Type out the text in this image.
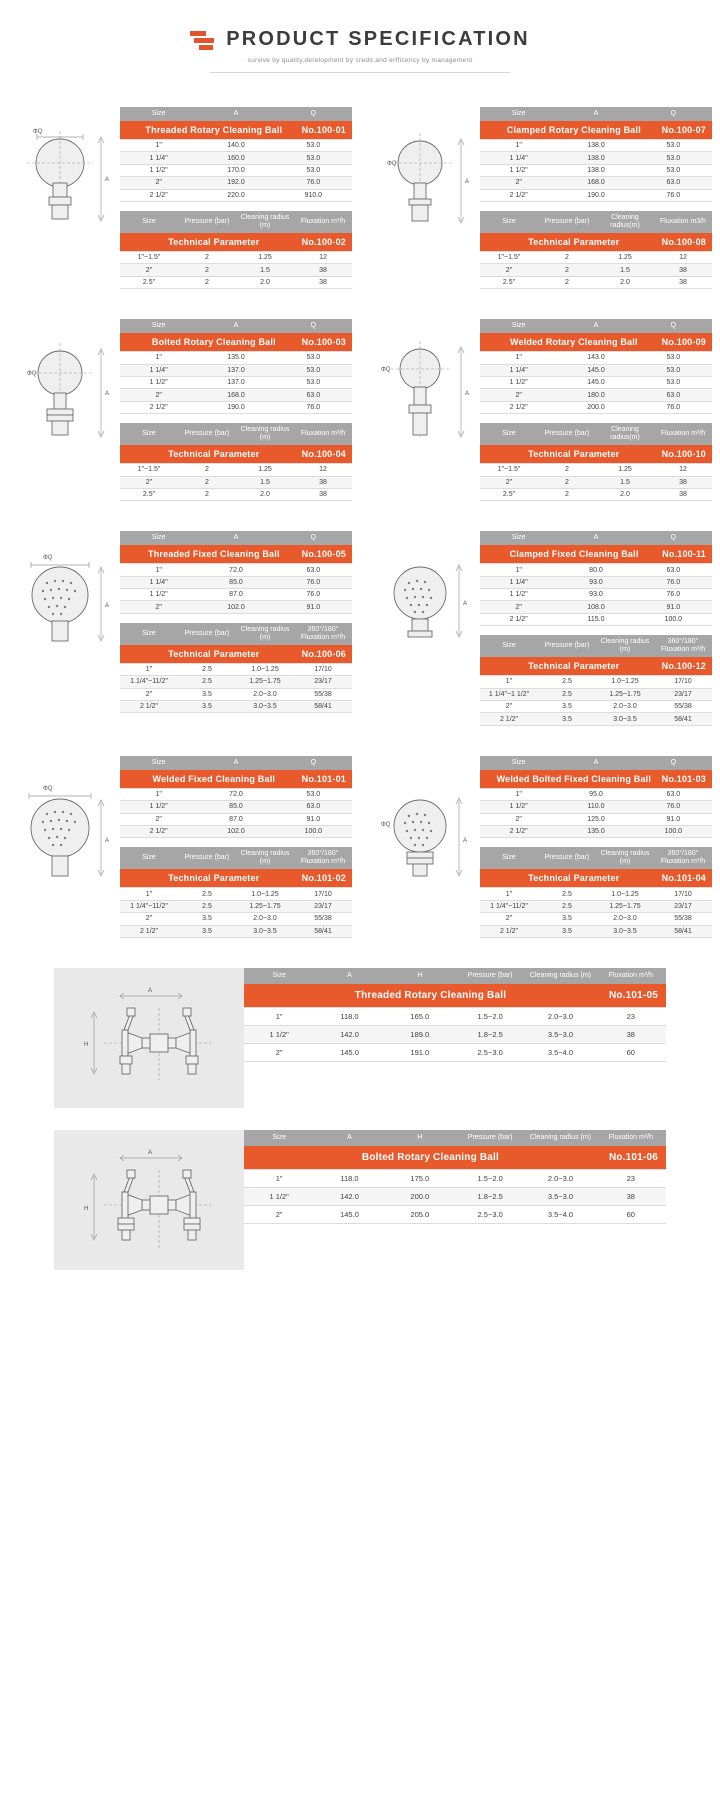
PRODUCT SPECIFICATION
survive by quality,derelopment by credit,and erfficency by management
ΦQ
A
Threaded Rotary Cleaning Ball No.100-01		

Size	A	Q
1"	140.0	53.0
1 1/4"	160.0	53.0
1 1/2"	170.0	53.0
2"	192.0	76.0
2 1/2"	220.0	910.0
Technical Parameter No.100-02			

Size	Pressure (bar)	Cleaning radius (m)	Fluxation m³/h
1"~1.5"	2	1.25	12
2"	2	1.5	38
2.5"	2	2.0	38
ΦQ
A
Clamped Rotary Cleaning Ball No.100-07		

Size	A	Q
1"	138.0	53.0
1 1/4"	138.0	53.0
1 1/2"	138.0	53.0
2"	168.0	63.0
2 1/2"	190.0	76.0
Technical Parameter No.100-08			

Size	Pressure (bar)	Cleaning radius(m)	Fluxation m3/h
1"~1.5"	2	1.25	12
2"	2	1.5	38
2.5"	2	2.0	38
ΦQ
A
Bolted Rotary Cleaning Ball No.100-03		

Size	A	Q
1"	135.0	53.0
1 1/4"	137.0	53.0
1 1/2"	137.0	53.0
2"	168.0	63.0
2 1/2"	190.0	76.0
Technical Parameter No.100-04			

Size	Pressure (bar)	Cleaning radius (m)	Fluxation m³/h
1"~1.5"	2	1.25	12
2"	2	1.5	38
2.5"	2	2.0	38
ΦQ
A
Welded Rotary Cleaning Ball No.100-09		

Size	A	Q
1"	143.0	53.0
1 1/4"	145.0	53.0
1 1/2"	145.0	53.0
2"	180.0	63.0
2 1/2"	200.0	76.0
Technical Parameter No.100-10			

Size	Pressure (bar)	Cleaning radius(m)	Fluxation m³/h
1"~1.5"	2	1.25	12
2"	2	1.5	38
2.5"	2	2.0	38
ΦQ
A
Threaded Fixed Cleaning Ball No.100-05		

Size	A	Q
1"	72.0	63.0
1 1/4"	85.0	76.0
1 1/2"	87.0	76.0
2"	102.0	91.0
Technical Parameter No.100-06			

Size	Pressure (bar)	Cleaning radius (m)	360°/180° Fluxation m³/h
1"	2.5	1.0~1.25	17/10
1.1/4"~11/2"	2.5	1.25~1.75	23/17
2"	3.5	2.0~3.0	55/38
2 1/2"	3.5	3.0~3.5	58/41
A
Clamped Fixed Cleaning Ball No.100-11		

Size	A	Q
1"	80.0	63.0
1 1/4"	93.0	76.0
1 1/2"	93.0	76.0
2"	108.0	91.0
2 1/2"	115.0	100.0
Technical Parameter No.100-12			

Size	Pressure (bar)	Cleaning radius (m)	360°/180° Fluxation m³/h
1"	2.5	1.0~1.25	17/10
1 1/4"~1 1/2"	2.5	1.25~1.75	23/17
2"	3.5	2.0~3.0	55/38
2 1/2"	3.5	3.0~3.5	58/41
ΦQ
A
Welded Fixed Cleaning Ball No.101-01		

Size	A	Q
1"	72.0	53.0
1 1/2"	85.0	63.0
2"	87.0	91.0
2 1/2"	102.0	100.0
Technical Parameter No.101-02			

Size	Pressure (bar)	Cleaning radius (m)	360°/180° Fluxation m³/h
1"	2.5	1.0~1.25	17/10
1 1/4"~11/2"	2.5	1.25~1.75	23/17
2"	3.5	2.0~3.0	55/38
2 1/2"	3.5	3.0~3.5	58/41
ΦQ
A
Welded Bolted Fixed Cleaning Ball No.101-03		

Size	A	Q
1"	95.0	63.0
1 1/2"	110.0	76.0
2"	125.0	91.0
2 1/2"	135.0	100.0
Technical Parameter No.101-04			

Size	Pressure (bar)	Cleaning radius (m)	360°/180° Fluxation m³/h
1"	2.5	1.0~1.25	17/10
1 1/4"~11/2"	2.5	1.25~1.75	23/17
2"	3.5	2.0~3.0	55/38
2 1/2"	3.5	3.0~3.5	58/41
A
H
Threaded Rotary Cleaning Ball No.101-05					

Size	A	H	Pressure (bar)	Cleaning radius (m)	Fluxation m³/h
1"	118.0	165.0	1.5~2.0	2.0~3.0	23
1 1/2"	142.0	189.0	1.8~2.5	3.5~3.0	38
2"	145.0	191.0	2.5~3.0	3.5~4.0	60
A
H
Bolted Rotary Cleaning Ball No.101-06					

Size	A	H	Pressure (bar)	Cleaning radius (m)	Fluxation m³/h
1"	118.0	175.0	1.5~2.0	2.0~3.0	23
1 1/2"	142.0	200.0	1.8~2.5	3.5~3.0	38
2"	145.0	205.0	2.5~3.0	3.5~4.0	60
